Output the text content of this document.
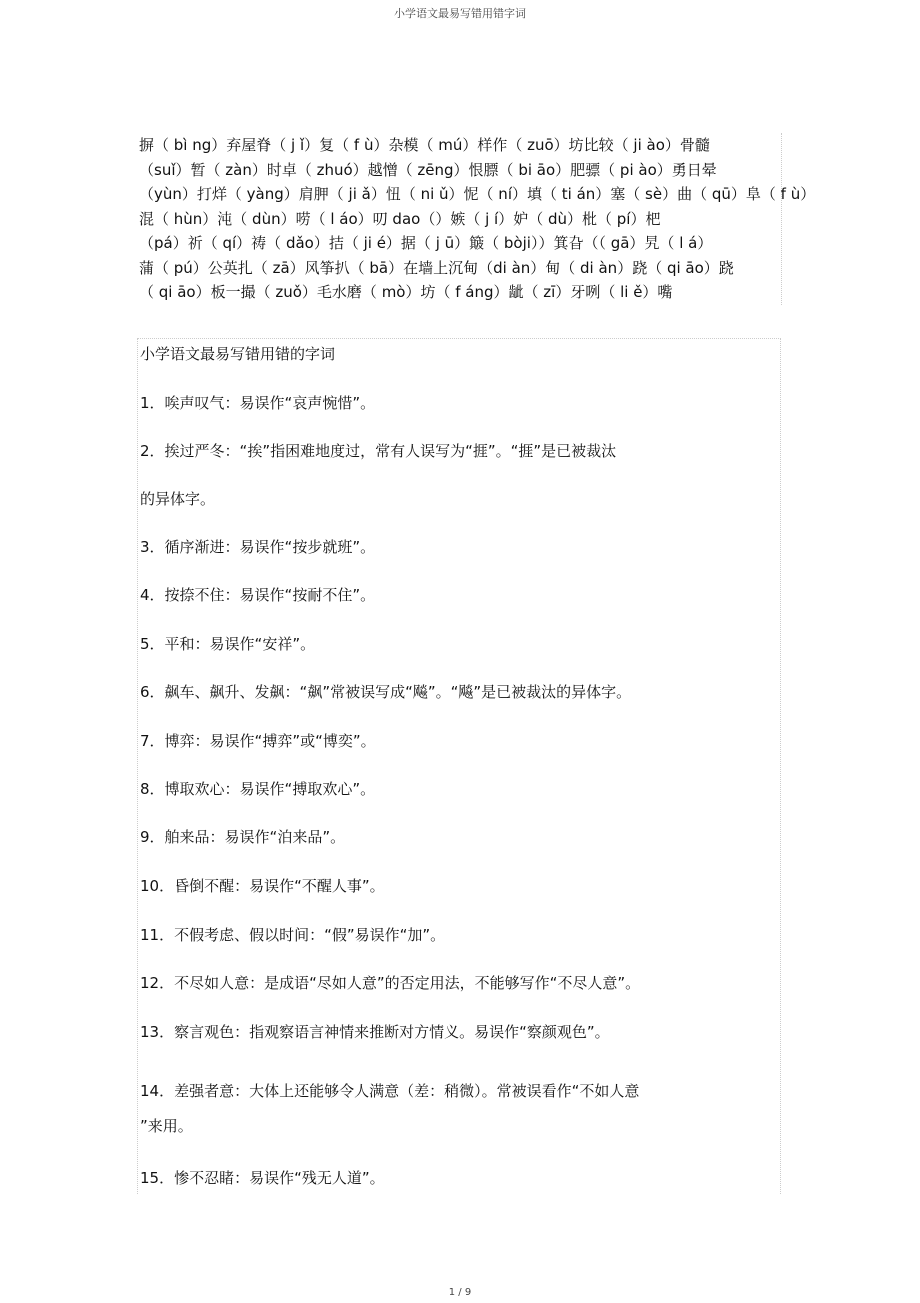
小学语文最易写错用错字词
摒（ bì ng）弃屋脊（ j ǐ）复（ f ù）杂模（ mú）样作（ zuō）坊比较（ ji ào）骨髓
（suǐ）暂（ zàn）时卓（ zhuó）越憎（ zēng）恨膘（ bi āo）肥骠（ pi ào）勇日晕
（yùn）打烊（ yàng）肩胛（ ji ǎ）忸（ ni ǔ）怩（ ní）填（ ti án）塞（ sè）曲（ qū）阜（ f ù）
混（ hùn）沌（ dùn）唠（ l áo）叨 dao（）嫉（ j í）妒（ dù）枇（ pí）杷
（pá）祈（ qí）祷（ dǎo）拮（ ji é）据（ j ū）簸（ bòji））箕旮（（ gā）旯（ l á）
蒲（ pú）公英扎（ zā）风筝扒（ bā）在墙上沉甸（di àn）甸（ di àn）跷（ qi āo）跷
（ qi āo）板一撮（ zuǒ）毛水磨（ mò）坊（ f áng）龇（ zī）牙咧（ li ě）嘴
小学语文最易写错用错的字词
1．唉声叹气：易误作“哀声惋惜”。
2．挨过严冬：“挨”指困难地度过，常有人误写为“捱”。“捱”是已被裁汰
的异体字。
3．循序渐进：易误作“按步就班”。
4．按捺不住：易误作“按耐不住”。
5．平和：易误作“安祥”。
6．飙车、飙升、发飙：“飙”常被误写成“飚”。“飚”是已被裁汰的异体字。
7．博弈：易误作“搏弈”或“博奕”。
8．博取欢心：易误作“搏取欢心”。
9．舶来品：易误作“泊来品”。
10．昏倒不醒：易误作“不醒人事”。
11．不假考虑、假以时间：“假”易误作“加”。
12．不尽如人意：是成语“尽如人意”的否定用法，不能够写作“不尽人意”。
13．察言观色：指观察语言神情来推断对方情义。易误作“察颜观色”。
14．差强者意：大体上还能够令人满意（差：稍微）。常被误看作“不如人意
”来用。
15．惨不忍睹：易误作“残无人道”。
1 / 9
